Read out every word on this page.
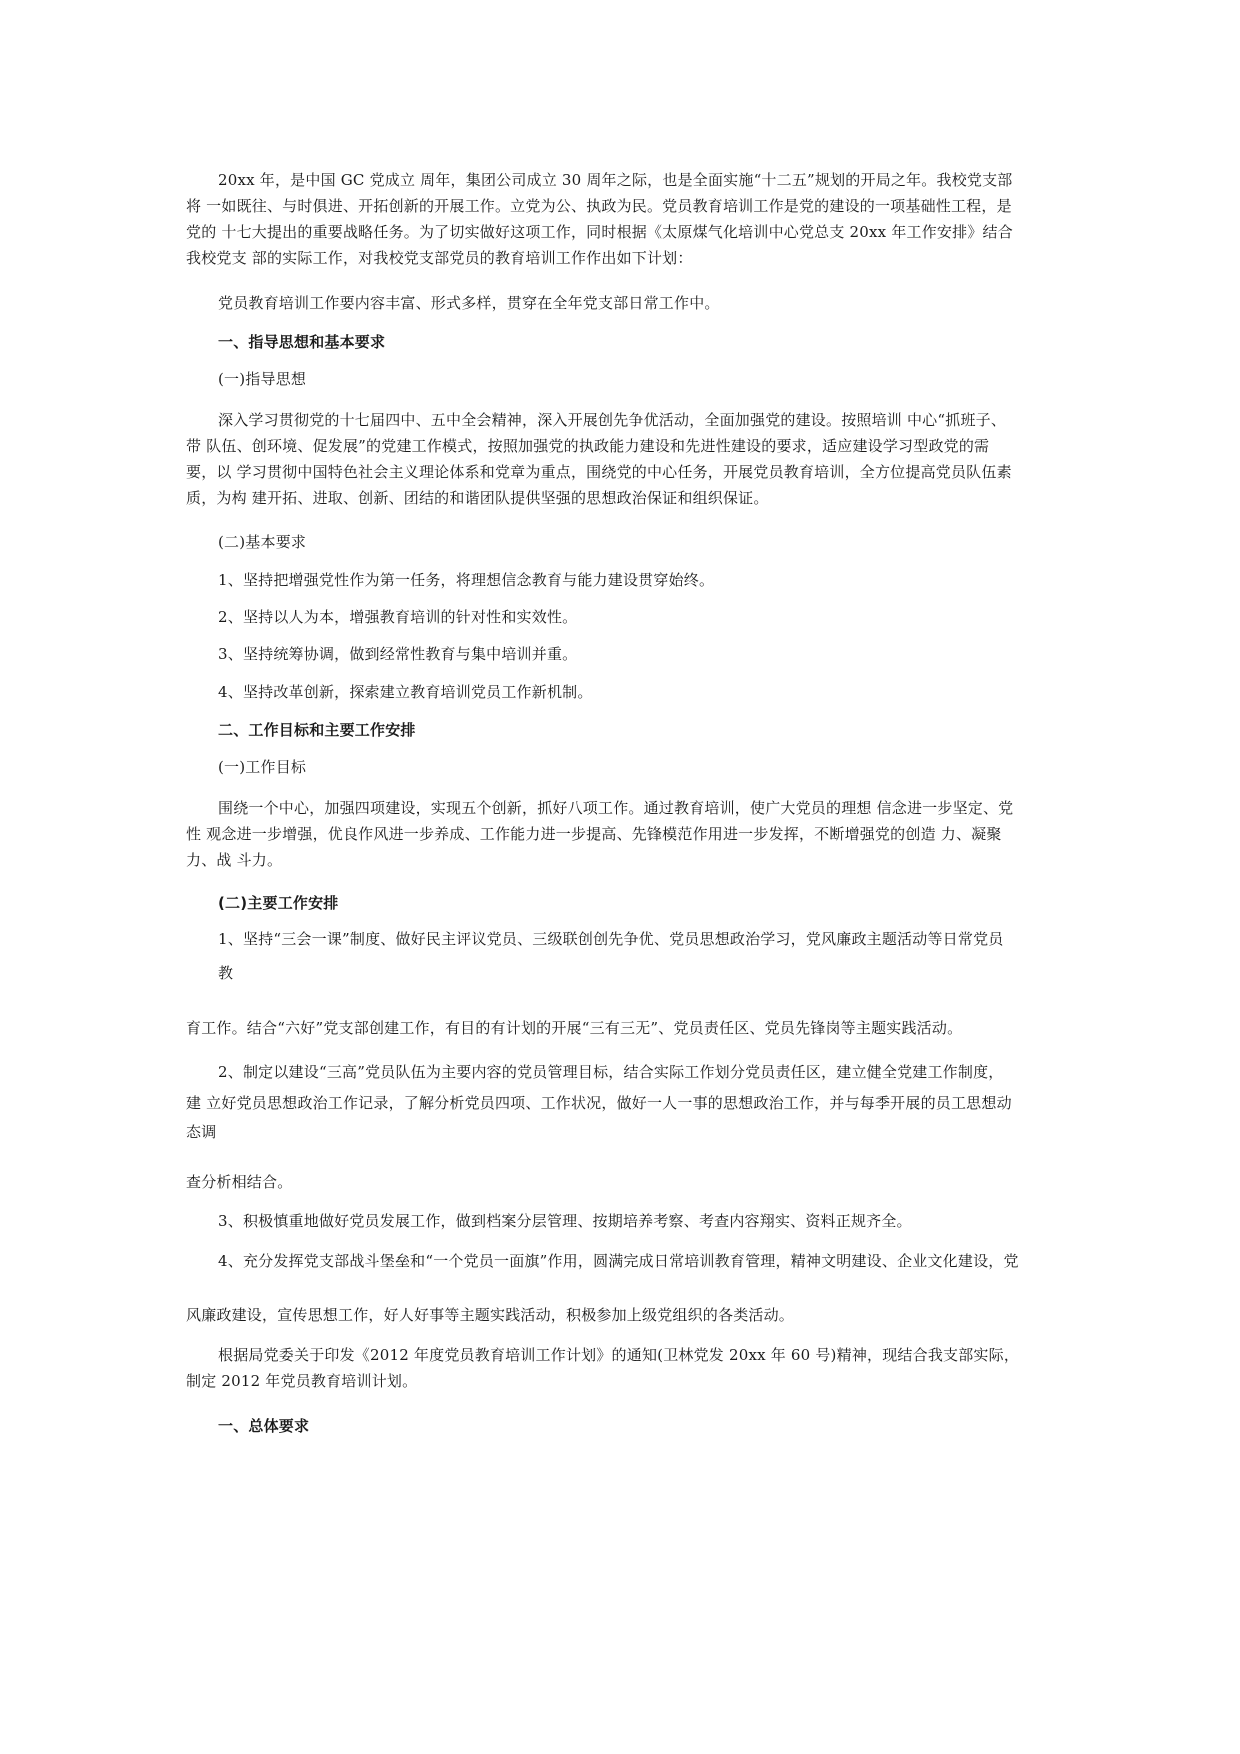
20xx 年，是中国 GC 党成立 周年，集团公司成立 30 周年之际，也是全面实施“十二五”规划的开局之年。我校党支部

将 一如既往、与时俱进、开拓创新的开展工作。立党为公、执政为民。党员教育培训工作是党的建设的一项基础性工程，是

党的 十七大提出的重要战略任务。为了切实做好这项工作，同时根据《太原煤气化培训中心党总支 20xx 年工作安排》结合

我校党支 部的实际工作，对我校党支部党员的教育培训工作作出如下计划：

党员教育培训工作要内容丰富、形式多样，贯穿在全年党支部日常工作中。

一、指导思想和基本要求

(一)指导思想

深入学习贯彻党的十七届四中、五中全会精神，深入开展创先争优活动，全面加强党的建设。按照培训 中心“抓班子、

带 队伍、创环境、促发展”的党建工作模式，按照加强党的执政能力建设和先进性建设的要求，适应建设学习型政党的需

要，以 学习贯彻中国特色社会主义理论体系和党章为重点，围绕党的中心任务，开展党员教育培训，全方位提高党员队伍素

质，为构 建开拓、进取、创新、团结的和谐团队提供坚强的思想政治保证和组织保证。

(二)基本要求

1、坚持把增强党性作为第一任务，将理想信念教育与能力建设贯穿始终。

2、坚持以人为本，增强教育培训的针对性和实效性。

3、坚持统筹协调，做到经常性教育与集中培训并重。

4、坚持改革创新，探索建立教育培训党员工作新机制。

二、工作目标和主要工作安排

(一)工作目标

围绕一个中心，加强四项建设，实现五个创新，抓好八项工作。通过教育培训，使广大党员的理想 信念进一步坚定、党

性 观念进一步增强，优良作风进一步养成、工作能力进一步提高、先锋模范作用进一步发挥，不断增强党的创造 力、凝聚

力、战 斗力。

(二)主要工作安排

1、坚持“三会一课”制度、做好民主评议党员、三级联创创先争优、党员思想政治学习，党风廉政主题活动等日常党员

教

育工作。结合“六好”党支部创建工作，有目的有计划的开展“三有三无”、党员责任区、党员先锋岗等主题实践活动。

2、制定以建设“三高”党员队伍为主要内容的党员管理目标，结合实际工作划分党员责任区，建立健全党建工作制度，

建 立好党员思想政治工作记录，了解分析党员四项、工作状况，做好一人一事的思想政治工作，并与每季开展的员工思想动

态调

查分析相结合。

3、积极慎重地做好党员发展工作，做到档案分层管理、按期培养考察、考查内容翔实、资料正规齐全。

4、充分发挥党支部战斗堡垒和“一个党员一面旗”作用，圆满完成日常培训教育管理，精神文明建设、企业文化建设，党

风廉政建设，宣传思想工作，好人好事等主题实践活动，积极参加上级党组织的各类活动。

根据局党委关于印发《2012 年度党员教育培训工作计划》的通知(卫林党发 20xx 年 60 号)精神，现结合我支部实际，

制定 2012 年党员教育培训计划。

一、总体要求
